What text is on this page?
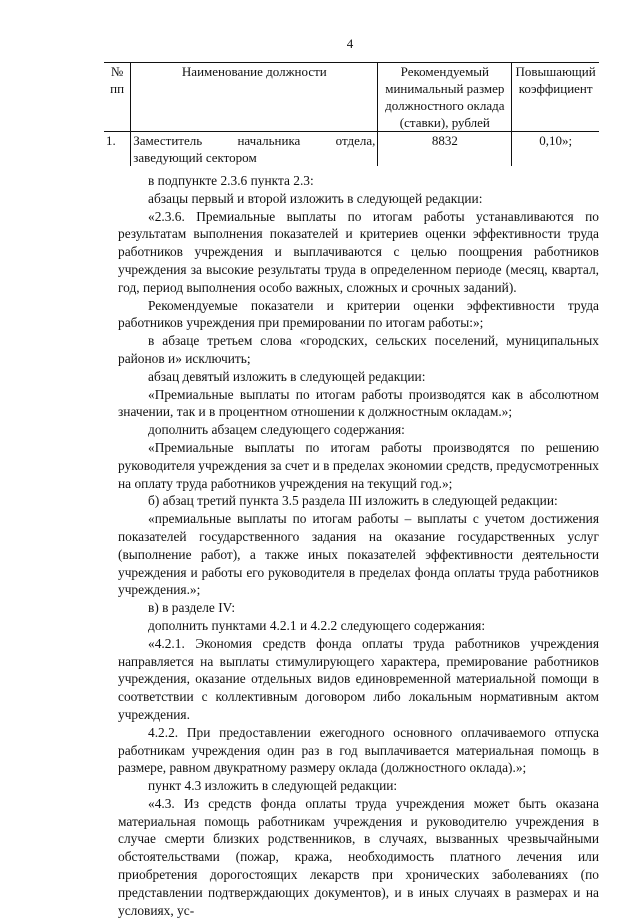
4
№ пп	Наименование должности	Рекомендуемый минимальный размер должностного оклада (ставки), рублей	Повышающий коэффициент
1.	Заместитель начальника отдела, заведующий сектором	8832	0,10»;

в подпункте 2.3.6 пункта 2.3:

абзацы первый и второй изложить в следующей редакции:

«2.3.6. Премиальные выплаты по итогам работы устанавливаются по результатам выполнения показателей и критериев оценки эффективности труда работников учреждения и выплачиваются с целью поощрения работников учреждения за высокие результаты труда в определенном периоде (месяц, квартал, год, период выполнения особо важных, сложных и срочных заданий).

Рекомендуемые показатели и критерии оценки эффективности труда работников учреждения при премировании по итогам работы:»;

в абзаце третьем слова «городских, сельских поселений, муниципальных районов и» исключить;

абзац девятый изложить в следующей редакции:

«Премиальные выплаты по итогам работы производятся как в абсолютном значении, так и в процентном отношении к должностным окладам.»;

дополнить абзацем следующего содержания:

«Премиальные выплаты по итогам работы производятся по решению руководителя учреждения за счет и в пределах экономии средств, предусмотренных на оплату труда работников учреждения на текущий год.»;

б) абзац третий пункта 3.5 раздела III изложить в следующей редакции:

«премиальные выплаты по итогам работы – выплаты с учетом достижения показателей государственного задания на оказание государственных услуг (выполнение работ), а также иных показателей эффективности деятельности учреждения и работы его руководителя в пределах фонда оплаты труда работников учреждения.»;

в) в разделе IV:

дополнить пунктами 4.2.1 и 4.2.2 следующего содержания:

«4.2.1. Экономия средств фонда оплаты труда работников учреждения направляется на выплаты стимулирующего характера, премирование работников учреждения, оказание отдельных видов единовременной материальной помощи в соответствии с коллективным договором либо локальным нормативным актом учреждения.

4.2.2. При предоставлении ежегодного основного оплачиваемого отпуска работникам учреждения один раз в год выплачивается материальная помощь в размере, равном двукратному размеру оклада (должностного оклада).»;

пункт 4.3 изложить в следующей редакции:

«4.3. Из средств фонда оплаты труда учреждения может быть оказана материальная помощь работникам учреждения и руководителю учреждения в случае смерти близких родственников, в случаях, вызванных чрезвычайными обстоятельствами (пожар, кража, необходимость платного лечения или приобретения дорогостоящих лекарств при хронических заболеваниях (по представлении подтверждающих документов), и в иных случаях в размерах и на условиях, ус-
